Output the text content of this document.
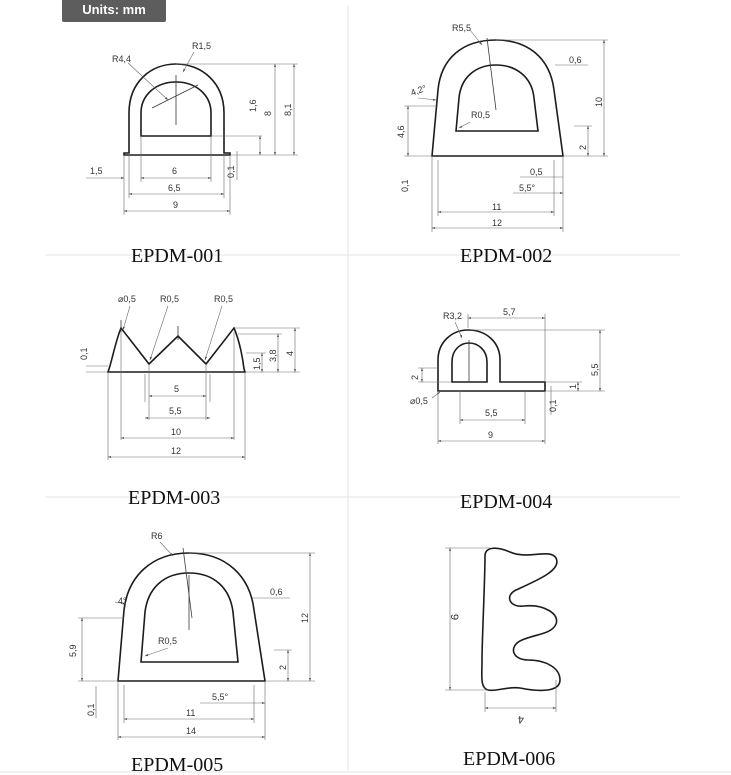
Units: mm
R4,4
R1,5
1,6
8 8,1
1,5	6
6,5
9
0,1
EPDM-001
R5,5
0,6
10
4,2°
R0,5
4,6
2
0,1
0,5
5,5°
11
12
EPDM-002
⌀0,5	R0,5	R0,5
0,1	3,8 4
1,5
5
5,5
10
12
EPDM-003
R3,2	5,7
2
5,5
1
⌀0,5	0,1
5,5
9
EPDM-004
R6
4°
0,6
5,9
R0,5
12
2
0,1
5,5°
11
14
EPDM-005
9
4
EPDM-006
